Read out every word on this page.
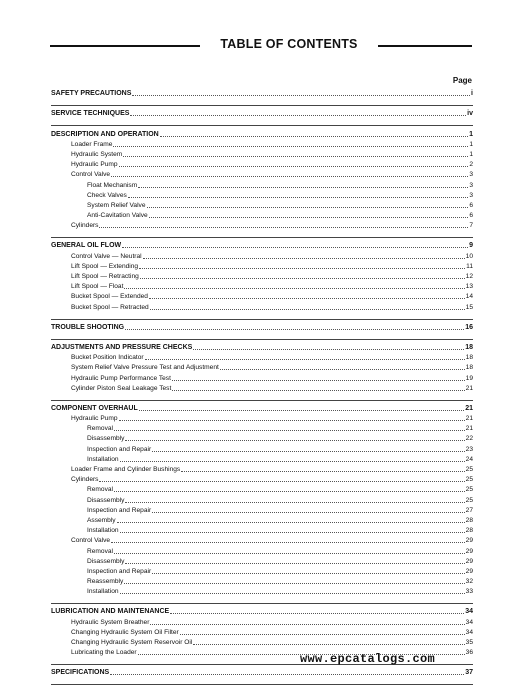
TABLE OF CONTENTS
Page
SAFETY PRECAUTIONS	i
SERVICE TECHNIQUES	iv
DESCRIPTION AND OPERATION	1
Loader Frame	1
Hydraulic System	1
Hydraulic Pump	2
Control Valve	3
Float Mechanism	3
Check Valves	3
System Relief Valve	6
Anti-Cavitation Valve	6
Cylinders	7
GENERAL OIL FLOW	9
Control Valve — Neutral	10
Lift Spool — Extending	11
Lift Spool — Retracting	12
Lift Spool — Float	13
Bucket Spool — Extended	14
Bucket Spool — Retracted	15
TROUBLE SHOOTING	16
ADJUSTMENTS AND PRESSURE CHECKS	18
Bucket Position Indicator	18
System Relief Valve Pressure Test and Adjustment	18
Hydraulic Pump Performance Test	19
Cylinder Piston Seal Leakage Test	21
COMPONENT OVERHAUL	21
Hydraulic Pump	21
Removal	21
Disassembly	22
Inspection and Repair	23
Installation	24
Loader Frame and Cylinder Bushings	25
Cylinders	25
Removal	25
Disassembly	25
Inspection and Repair	27
Assembly	28
Installation	28
Control Valve	29
Removal	29
Disassembly	29
Inspection and Repair	29
Reassembly	32
Installation	33
LUBRICATION AND MAINTENANCE	34
Hydraulic System Breather	34
Changing Hydraulic System Oil Filter	34
Changing Hydraulic System Reservoir Oil	35
Lubricating the Loader	36
SPECIFICATIONS	37
www.epcatalogs.com
